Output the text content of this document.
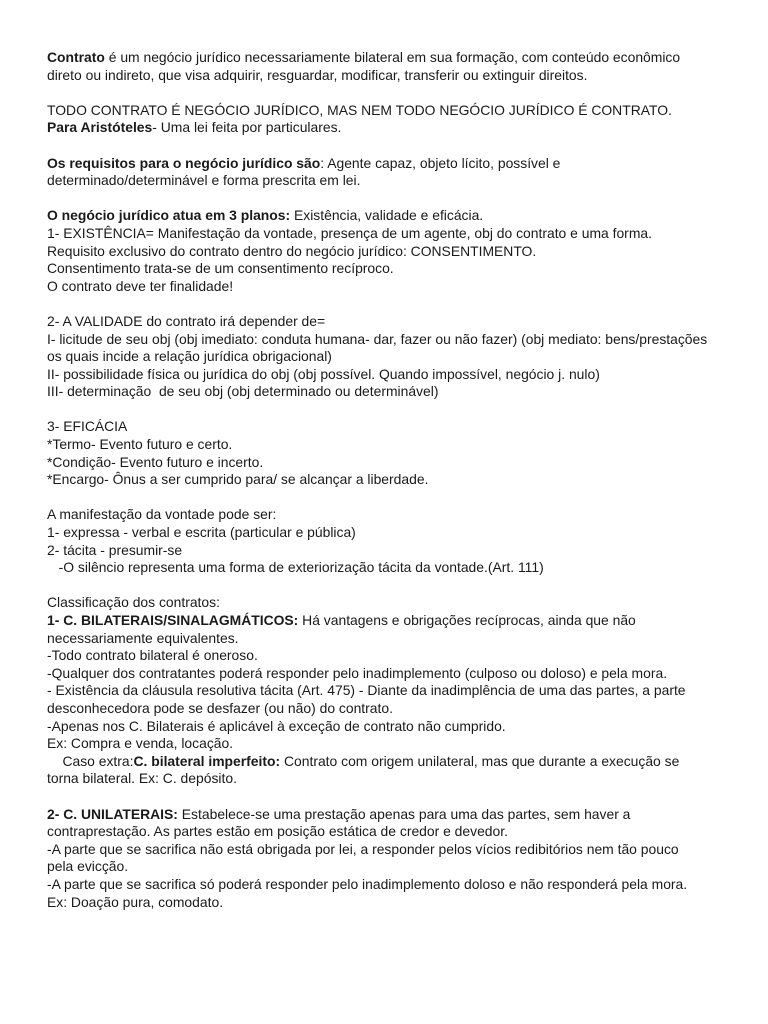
Contrato é um negócio jurídico necessariamente bilateral em sua formação, com conteúdo econômico

direto ou indireto, que visa adquirir, resguardar, modificar, transferir ou extinguir direitos.

TODO CONTRATO É NEGÓCIO JURÍDICO, MAS NEM TODO NEGÓCIO JURÍDICO É CONTRATO.

Para Aristóteles- Uma lei feita por particulares.

Os requisitos para o negócio jurídico são: Agente capaz, objeto lícito, possível e

determinado/determinável e forma prescrita em lei.

O negócio jurídico atua em 3 planos: Existência, validade e eficácia.

1- EXISTÊNCIA= Manifestação da vontade, presença de um agente, obj do contrato e uma forma.

Requisito exclusivo do contrato dentro do negócio jurídico: CONSENTIMENTO.

Consentimento trata-se de um consentimento recíproco.

O contrato deve ter finalidade!

2- A VALIDADE do contrato irá depender de=

I- licitude de seu obj (obj imediato: conduta humana- dar, fazer ou não fazer) (obj mediato: bens/prestações

os quais incide a relação jurídica obrigacional)

II- possibilidade física ou jurídica do obj (obj possível. Quando impossível, negócio j. nulo)

III- determinação  de seu obj (obj determinado ou determinável)

3- EFICÁCIA

*Termo- Evento futuro e certo.

*Condição- Evento futuro e incerto.

*Encargo- Ônus a ser cumprido para/ se alcançar a liberdade.

A manifestação da vontade pode ser:

1- expressa - verbal e escrita (particular e pública)

2- tácita - presumir-se

-O silêncio representa uma forma de exteriorização tácita da vontade.(Art. 111)

Classificação dos contratos:

1- C. BILATERAIS/SINALAGMÁTICOS: Há vantagens e obrigações recíprocas, ainda que não

necessariamente equivalentes.

-Todo contrato bilateral é oneroso.

-Qualquer dos contratantes poderá responder pelo inadimplemento (culposo ou doloso) e pela mora.

- Existência da cláusula resolutiva tácita (Art. 475) - Diante da inadimplência de uma das partes, a parte

desconhecedora pode se desfazer (ou não) do contrato.

-Apenas nos C. Bilaterais é aplicável à exceção de contrato não cumprido.

Ex: Compra e venda, locação.

Caso extra:C. bilateral imperfeito: Contrato com origem unilateral, mas que durante a execução se

torna bilateral. Ex: C. depósito.

2- C. UNILATERAIS: Estabelece-se uma prestação apenas para uma das partes, sem haver a

contraprestação. As partes estão em posição estática de credor e devedor.

-A parte que se sacrifica não está obrigada por lei, a responder pelos vícios redibitórios nem tão pouco

pela evicção.

-A parte que se sacrifica só poderá responder pelo inadimplemento doloso e não responderá pela mora.

Ex: Doação pura, comodato.
